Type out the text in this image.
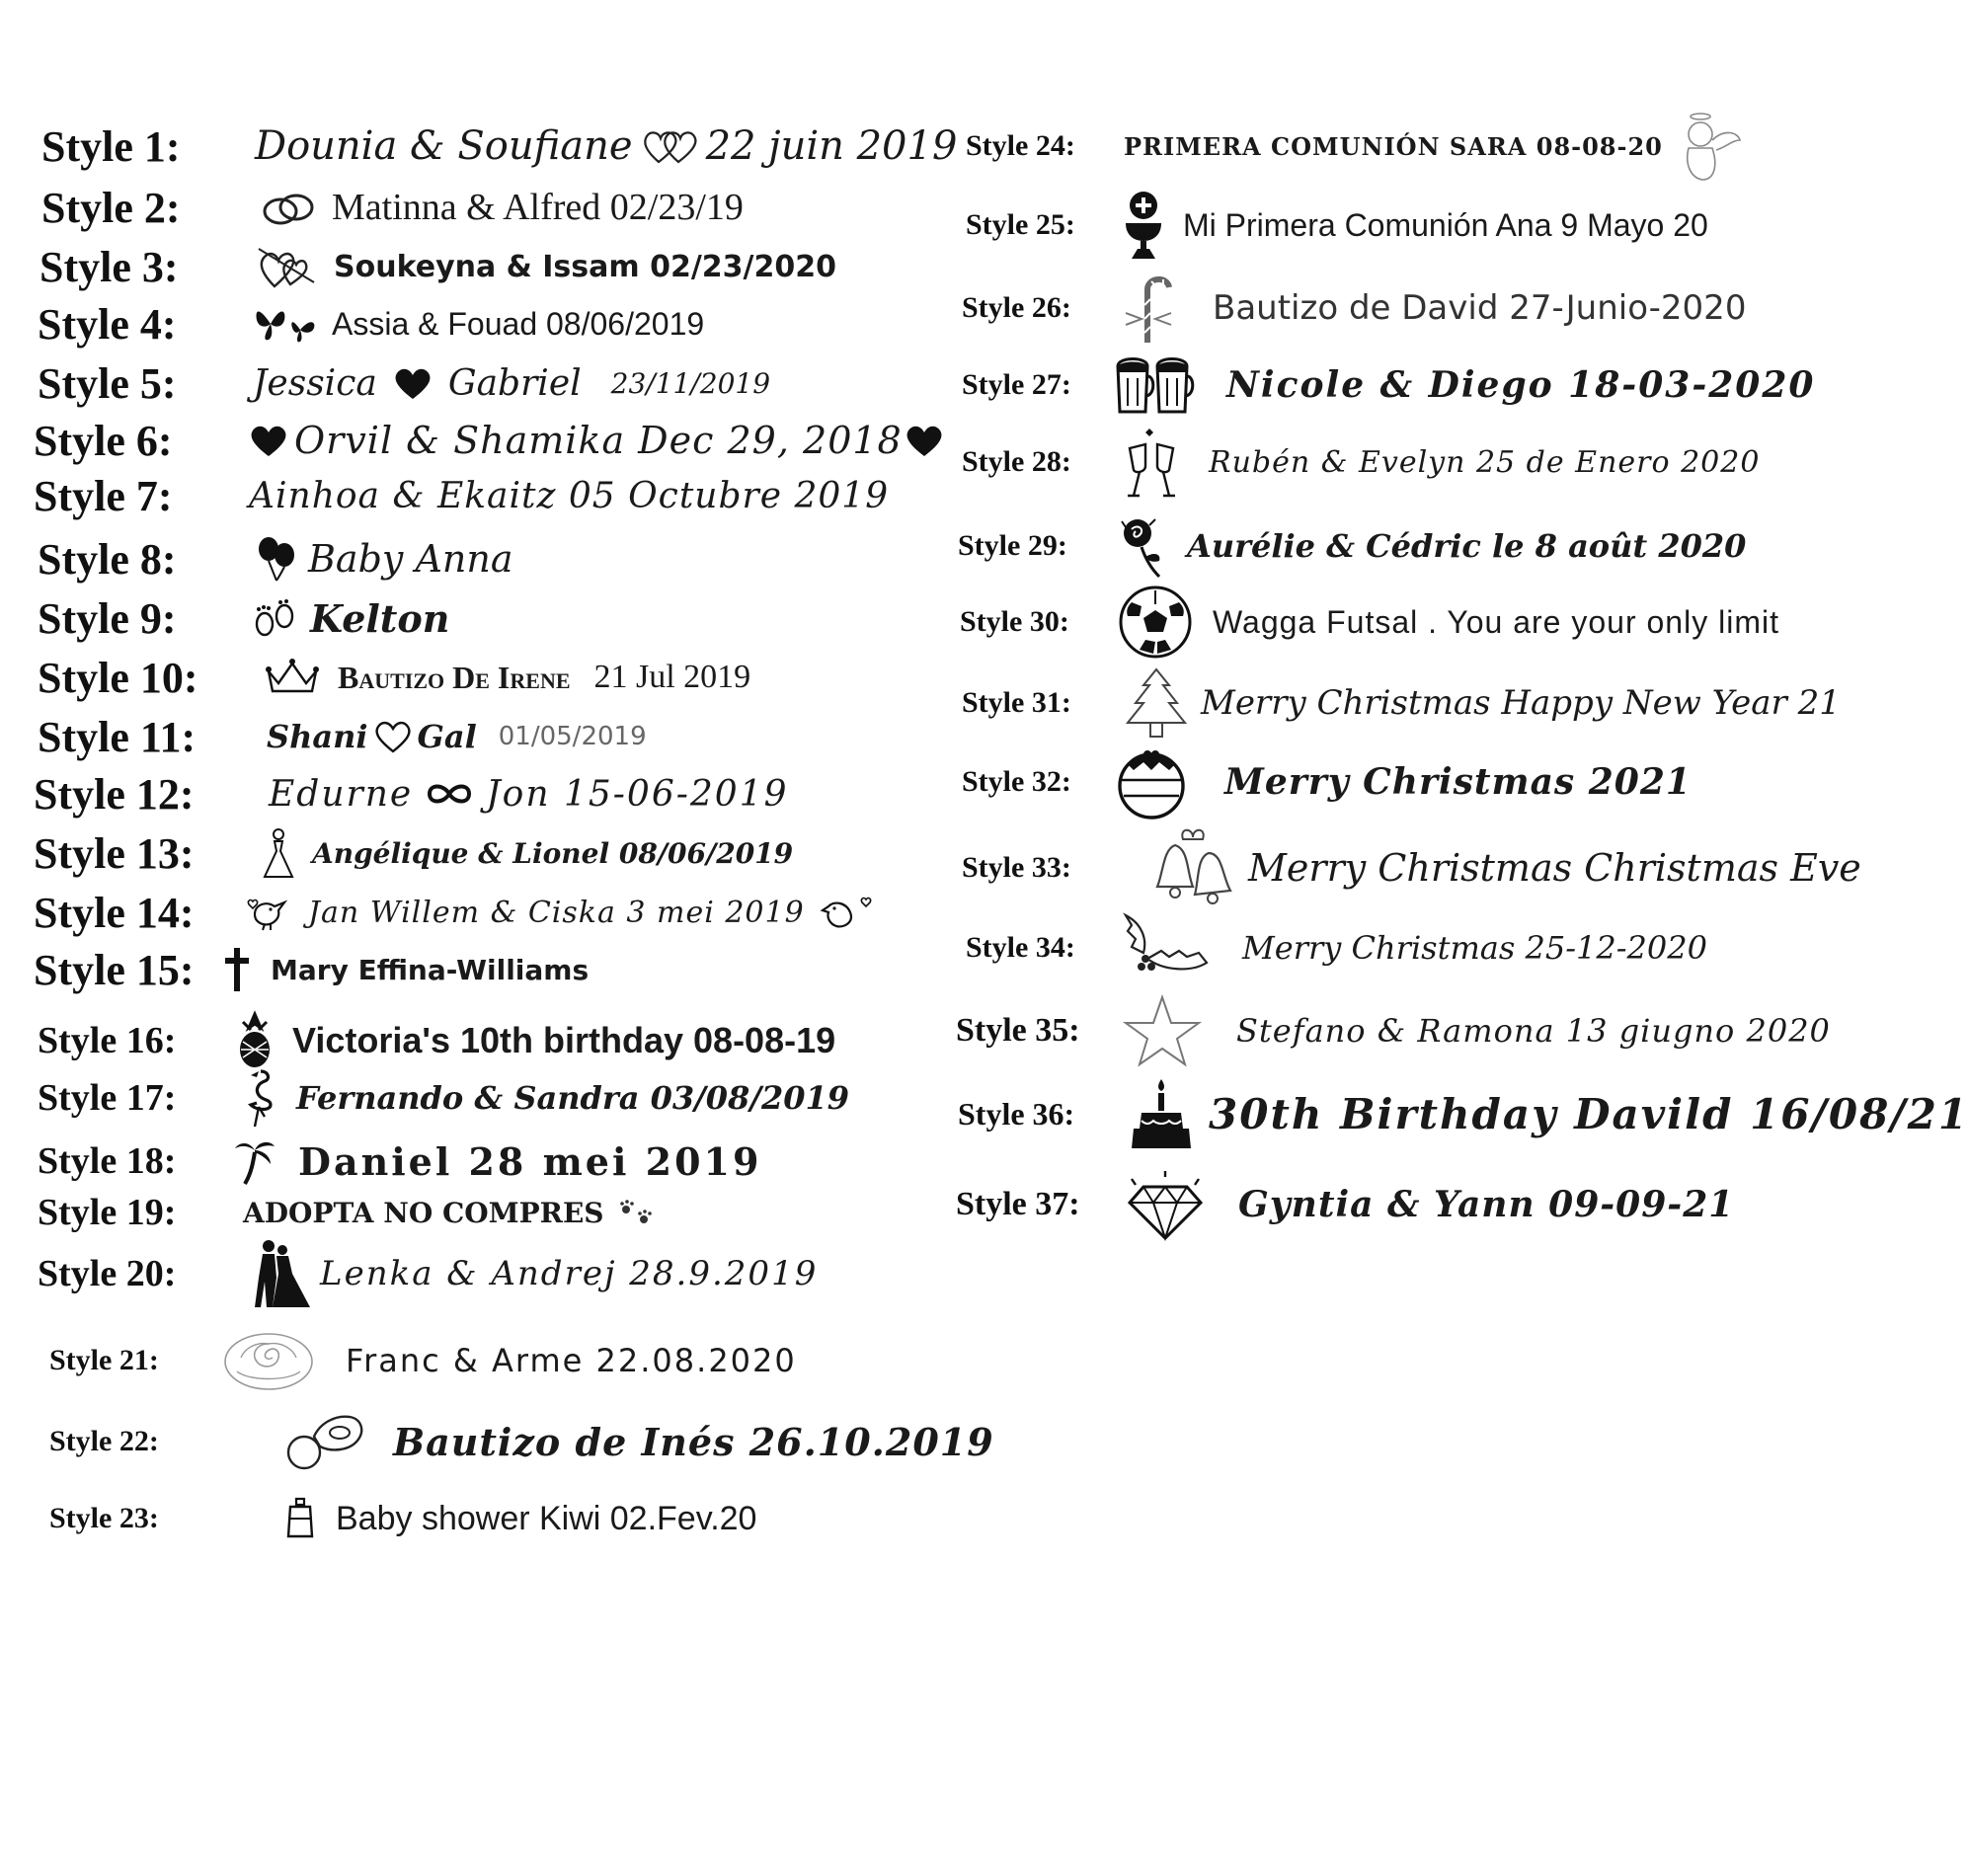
Style 1:	Dounia & Soufiane 22 juin 2019
Style 2:	Matinna & Alfred 02/23/19
Style 3:	Soukeyna & Issam 02/23/2020
Style 4:	Assia & Fouad 08/06/2019
Style 5:	Jessica Gabriel 23/11/2019
Style 6:	Orvil & Shamika Dec 29, 2018
Style 7:	Ainhoa & Ekaitz 05 Octubre 2019
Style 8:	Baby Anna
Style 9:	Kelton
Style 10:	Bautizo De Irene 21 Jul 2019
Style 11:	Shani Gal 01/05/2019
Style 12:	Edurne Jon 15-06-2019
Style 13:	Angélique & Lionel 08/06/2019
Style 14:	Jan Willem & Ciska 3 mei 2019
Style 15:	Mary Effina-Williams
Style 16:	Victoria's 10th birthday 08-08-19
Style 17:	Fernando & Sandra 03/08/2019
Style 18:	Daniel 28 mei 2019
Style 19:	ADOPTA NO COMPRES
Style 20:	Lenka & Andrej 28.9.2019
Style 21:	Franc & Arme 22.08.2020
Style 22:	Bautizo de Inés 26.10.2019
Style 23:	Baby shower Kiwi 02.Fev.20
Style 24:	PRIMERA COMUNIÓN SARA 08-08-20
Style 25:	Mi Primera Comunión Ana 9 Mayo 20
Style 26:	Bautizo de David 27-Junio-2020
Style 27:	Nicole & Diego 18-03-2020
Style 28:	Rubén & Evelyn 25 de Enero 2020
Style 29:	Aurélie & Cédric le 8 août 2020
Style 30:	Wagga Futsal . You are your only limit
Style 31:	Merry Christmas Happy New Year 21
Style 32:	Merry Christmas 2021
Style 33:	Merry Christmas Christmas Eve
Style 34:	Merry Christmas 25-12-2020
Style 35:	Stefano & Ramona 13 giugno 2020
Style 36:	30th Birthday Davild 16/08/21
Style 37:	Gyntia & Yann 09-09-21
